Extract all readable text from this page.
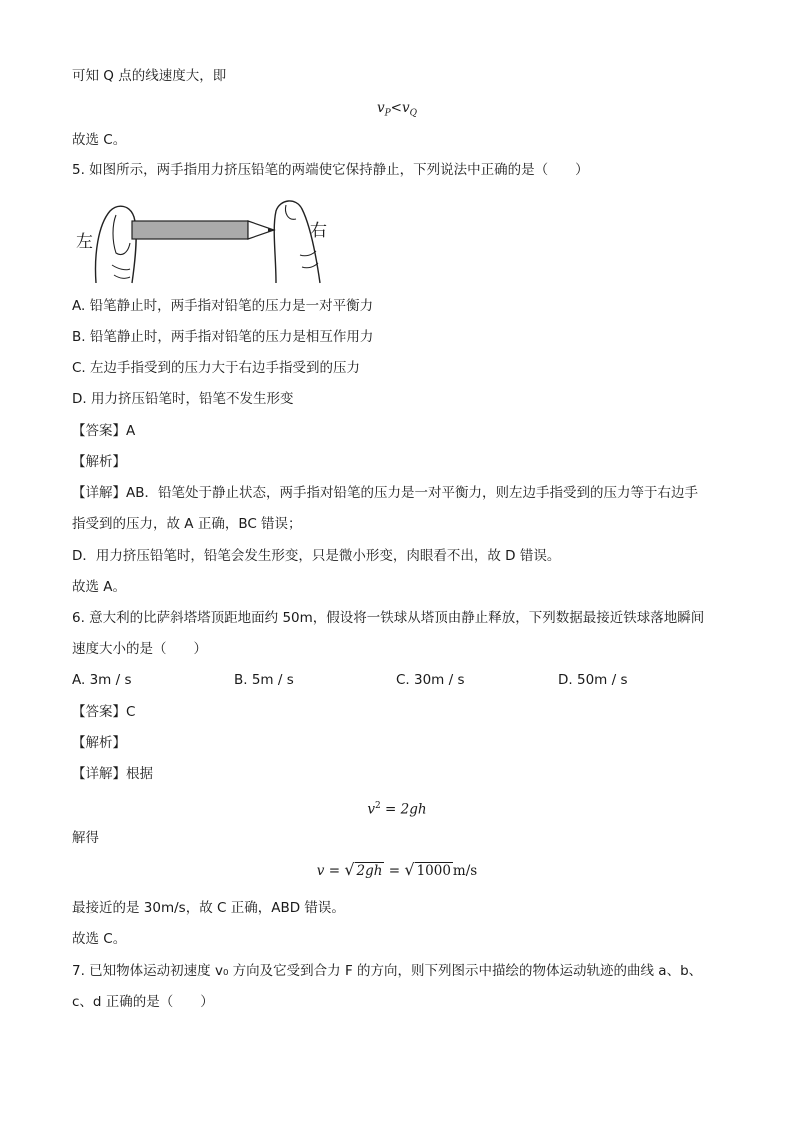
可知 Q 点的线速度大，即
$v_P<v_Q$
故选 C。
5. 如图所示，两手指用力挤压铅笔的两端使它保持静止，下列说法中正确的是（　　）
左
右
A. 铅笔静止时，两手指对铅笔的压力是一对平衡力
B. 铅笔静止时，两手指对铅笔的压力是相互作用力
C. 左边手指受到的压力大于右边手指受到的压力
D. 用力挤压铅笔时，铅笔不发生形变
【答案】A
【解析】
【详解】AB．铅笔处于静止状态，两手指对铅笔的压力是一对平衡力，则左边手指受到的压力等于右边手
指受到的压力，故 A 正确，BC 错误；
D．用力挤压铅笔时，铅笔会发生形变，只是微小形变，肉眼看不出，故 D 错误。
故选 A。
6. 意大利的比萨斜塔塔顶距地面约 50m，假设将一铁球从塔顶由静止释放，下列数据最接近铁球落地瞬间
速度大小的是（　　）
A. 3m / s	B. 5m / s	C. 30m / s	D. 50m / s
【答案】C
【解析】
【详解】根据
$v^2 = 2gh$
解得
v = √ 2gh = √ 1000 m/s
最接近的是 30m/s，故 C 正确，ABD 错误。
故选 C。
7. 已知物体运动初速度 v₀ 方向及它受到合力 F 的方向，则下列图示中描绘的物体运动轨迹的曲线 a、b、
c、d 正确的是（　　）
